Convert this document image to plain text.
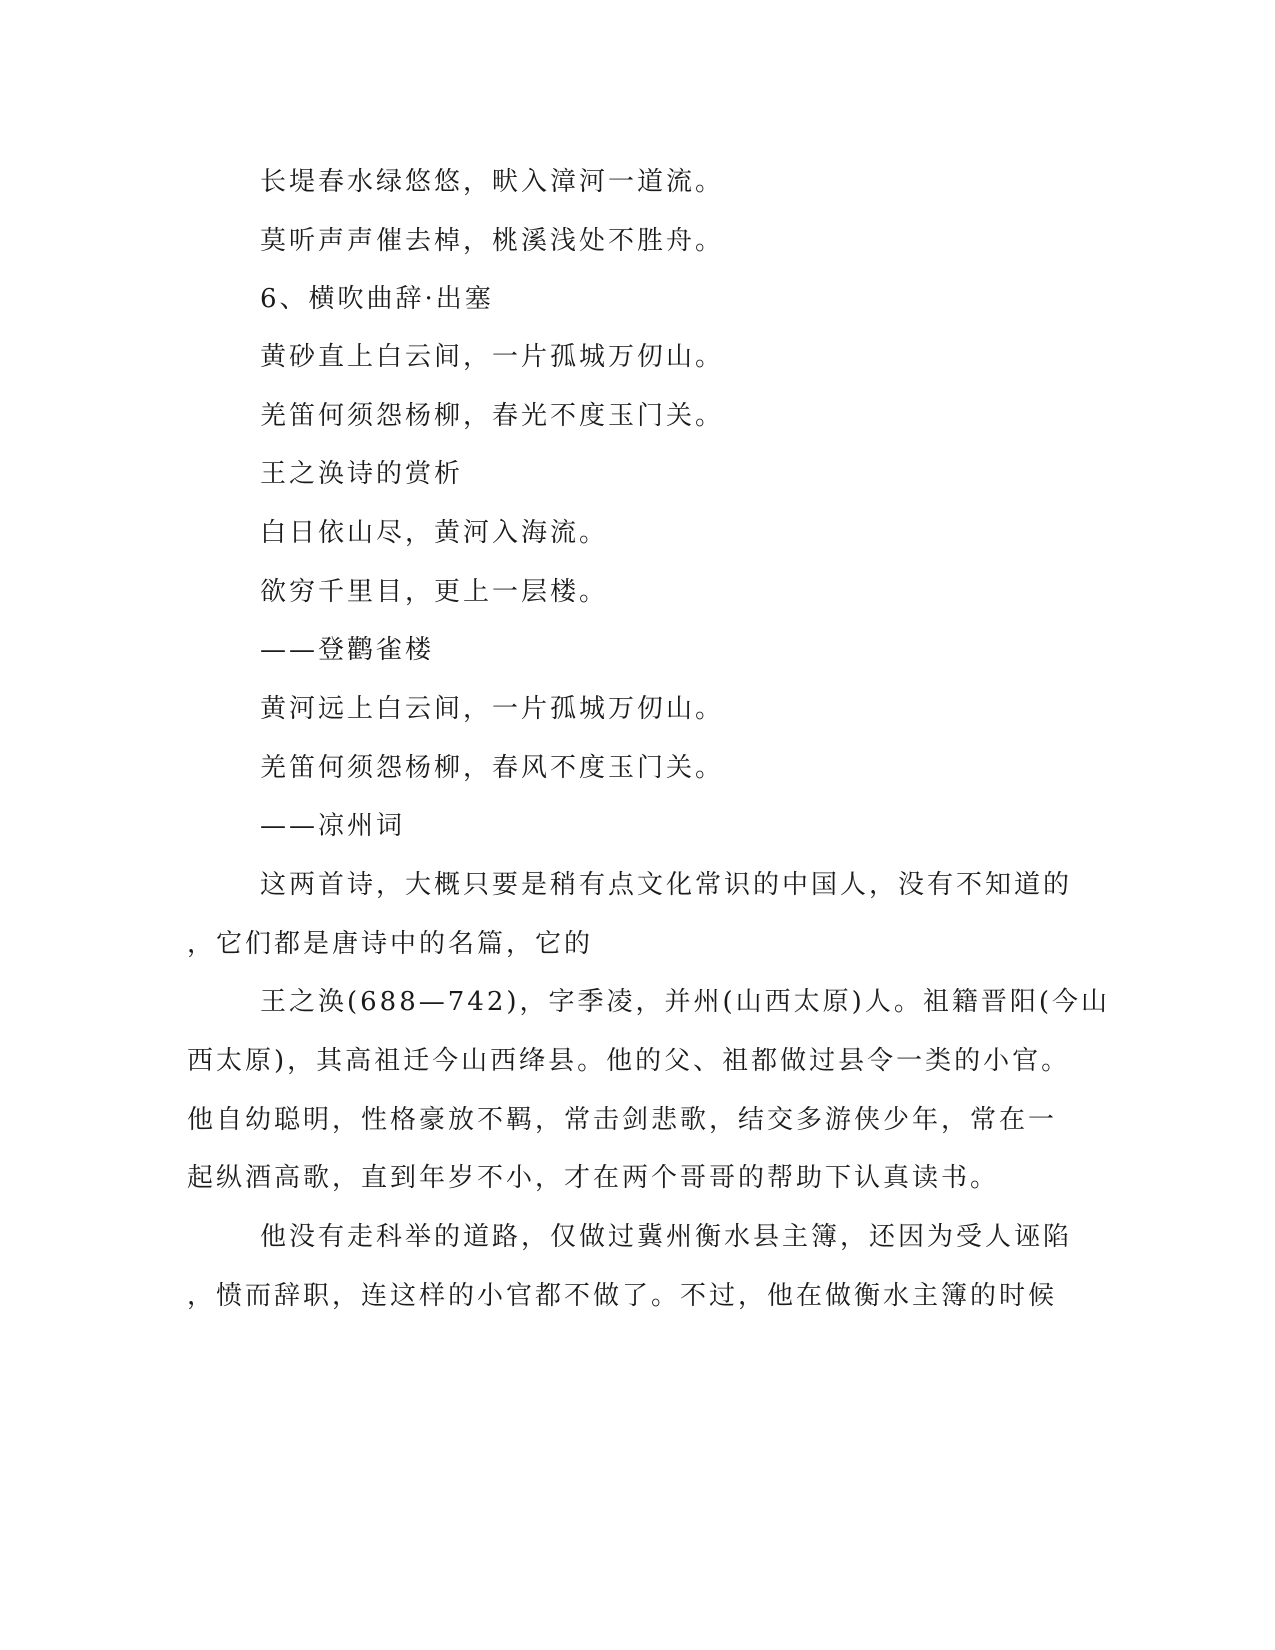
长堤春水绿悠悠，畎入漳河一道流。
莫听声声催去棹，桃溪浅处不胜舟。
6、横吹曲辞·出塞
黄砂直上白云间，一片孤城万仞山。
羌笛何须怨杨柳，春光不度玉门关。
王之涣诗的赏析
白日依山尽，黄河入海流。
欲穷千里目，更上一层楼。
——登鹳雀楼
黄河远上白云间，一片孤城万仞山。
羌笛何须怨杨柳，春风不度玉门关。
——凉州词
这两首诗，大概只要是稍有点文化常识的中国人，没有不知道的
，它们都是唐诗中的名篇，它的
王之涣(688—742)，字季凌，并州(山西太原)人。祖籍晋阳(今山
西太原)，其高祖迁今山西绛县。他的父、祖都做过县令一类的小官。
他自幼聪明，性格豪放不羁，常击剑悲歌，结交多游侠少年，常在一
起纵酒高歌，直到年岁不小，才在两个哥哥的帮助下认真读书。
他没有走科举的道路，仅做过冀州衡水县主簿，还因为受人诬陷
，愤而辞职，连这样的小官都不做了。不过，他在做衡水主簿的时候
